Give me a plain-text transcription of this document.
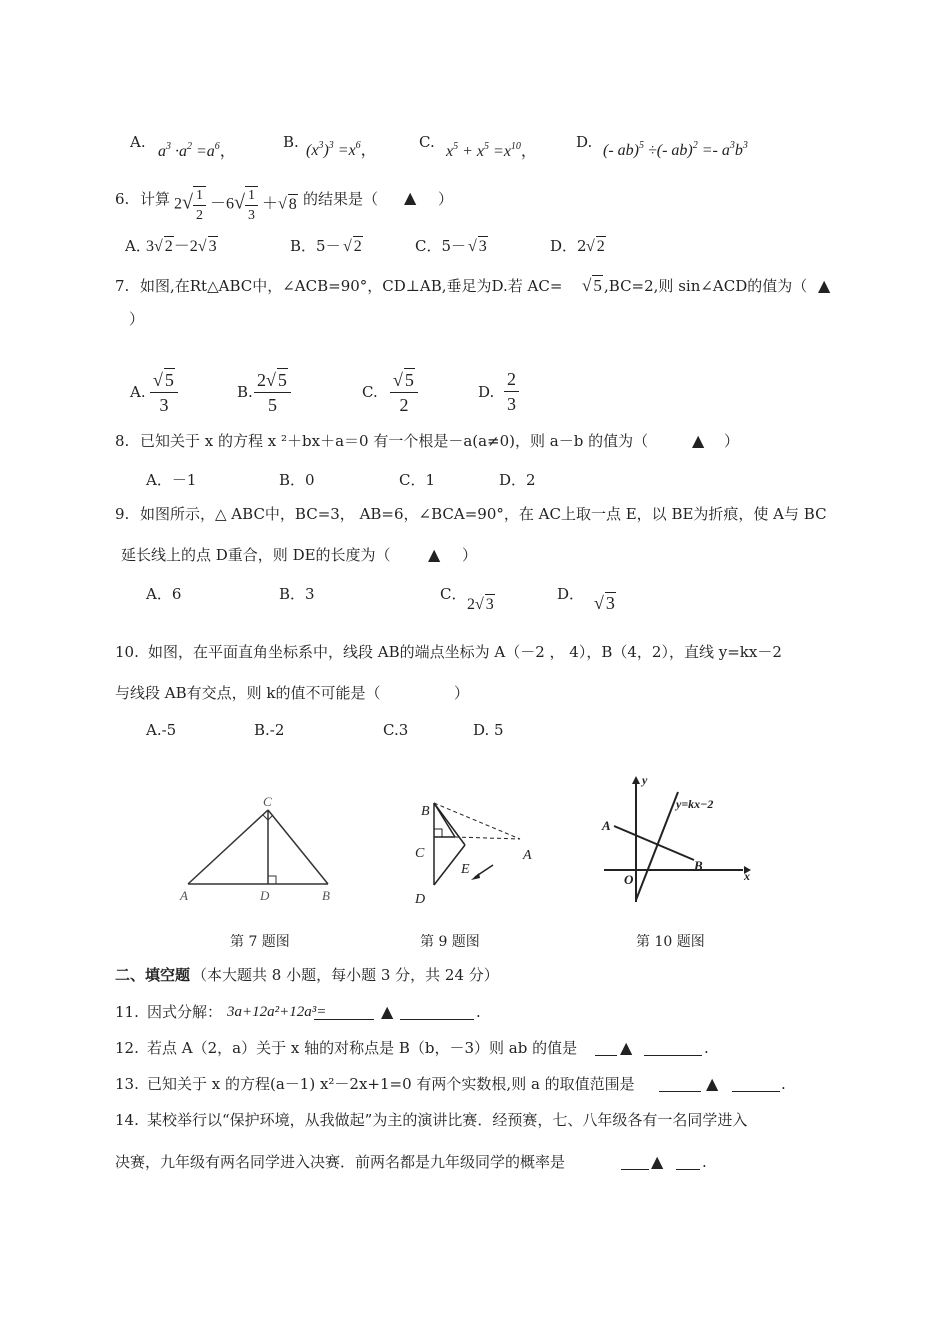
A.
$a^3 \cdot a^2 =a^6$，
B. $(x^3)^3 =x^6$，	C.
$x^5 + x^5 =x^{10}$，
D. (- ab)$^5$ ÷(- $ab)^2 =- a^3b^3$
6. 计算 $2√ \frac{1}{2} -6√ \frac{1}{3}$ ＋√ 8 的结果是（ ▲ ）
A．
3√ 2－2√ 3	B．5－ √ 2	C．5－ √ 3	D．2 √ 2
7. 如图,在Rt△ABC中，∠ACB=90°，CD⊥AB,垂足为D.若 AC= √ 5 ,BC=2,则 sin∠ACD的值为（ ▲
）
A. $\frac{√ 5}{3}$	B. $\frac{2√ 5}{5}$	C. $\frac{√ 5}{2}$	D. $\frac{2}{3}$
8. 已知关于 x 的方程 x ²＋bx＋a＝0 有一个根是－a(a≠0)，则 a－b 的值为（	▲ ）
A．－1	B．0	C．1	D．2
9. 如图所示，△ ABC中，BC=3， AB=6，∠BCA=90°，在 AC上取一点 E，以 BE为折痕，使 A与 BC
延长线上的点 D重合，则 DE的长度为（ ▲ ）
A．6	B．3	C．
2√ 3
D． √ 3
10. 如图，在平面直角坐标系中，线段 AB的端点坐标为 A（－2 ， 4），B（4，2），直线 y=kx－2
与线段 AB有交点，则 k的值不可能是（	）
A.-5	B.-2	C.3	D. 5
C
A	D	B
第 7 题图
B
C	A
E
D
第 9 题图
y
x
A
B
O
y=kx−2
第 10 题图
二、填空题 （本大题共 8 小题，每小题 3 分，共 24 分）
11. 因式分解： 3a+12a²+12a³=	▲	.
12. 若点 A（2，a）关于 x 轴的对称点是 B（b，－3）则 ab 的值是	▲	.
13. 已知关于 x 的方程(a－1) x²－2x+1=0 有两个实数根,则 a 的取值范围是	▲	.
14. 某校举行以“保护环境，从我做起”为主的演讲比赛．经预赛，七、八年级各有一名同学进入
决赛，九年级有两名同学进入决赛．前两名都是九年级同学的概率是	▲	.
